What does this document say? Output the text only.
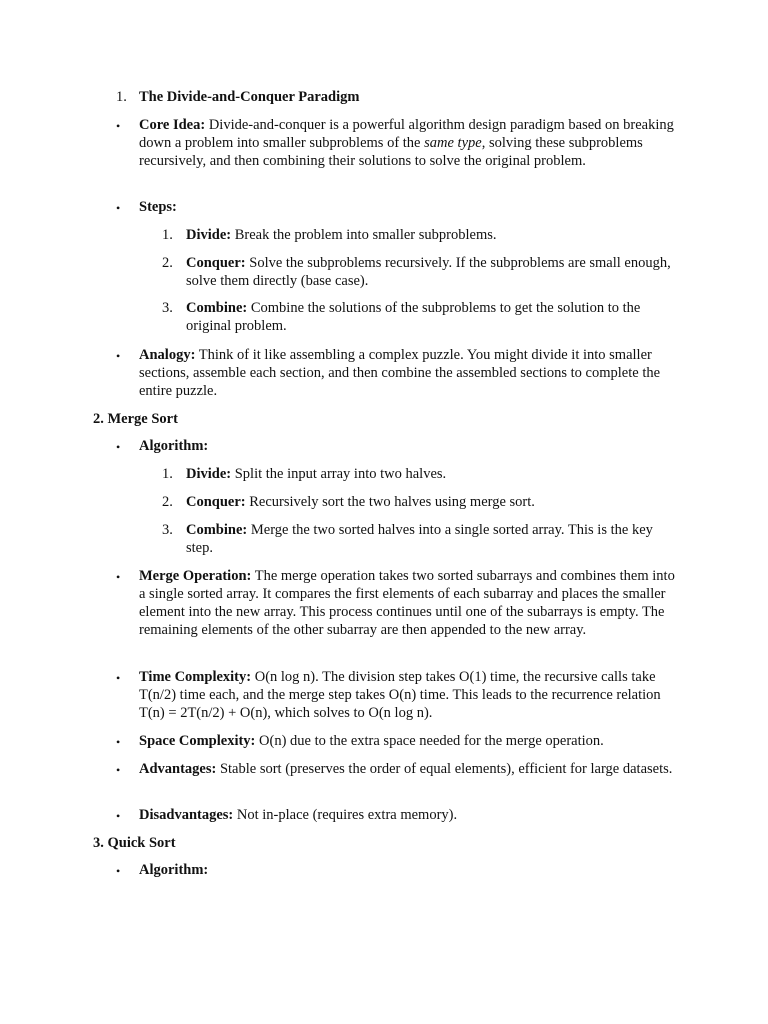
1. The Divide-and-Conquer Paradigm
•	Core Idea: Divide-and-conquer is a powerful algorithm design paradigm based on breaking down a problem into smaller subproblems of the same type, solving these subproblems recursively, and then combining their solutions to solve the original problem.

•	Steps:
1. Divide: Break the problem into smaller subproblems.

2. Conquer: Solve the subproblems recursively. If the subproblems are small enough, solve them directly (base case).

3. Combine: Combine the solutions of the subproblems to get the solution to the original problem.

•	Analogy: Think of it like assembling a complex puzzle. You might divide it into smaller sections, assemble each section, and then combine the assembled sections to complete the entire puzzle.

2. Merge Sort
•	Algorithm:
1. Divide: Split the input array into two halves.

2. Conquer: Recursively sort the two halves using merge sort.

3. Combine: Merge the two sorted halves into a single sorted array. This is the key step.

•	Merge Operation: The merge operation takes two sorted subarrays and combines them into a single sorted array. It compares the first elements of each subarray and places the smaller element into the new array. This process continues until one of the subarrays is empty. The remaining elements of the other subarray are then appended to the new array.

•	Time Complexity: O(n log n). The division step takes O(1) time, the recursive calls take T(n/2) time each, and the merge step takes O(n) time. This leads to the recurrence relation T(n) = 2T(n/2) + O(n), which solves to O(n log n).

•	Space Complexity: O(n) due to the extra space needed for the merge operation.

•	Advantages: Stable sort (preserves the order of equal elements), efficient for large datasets.

•	Disadvantages: Not in-place (requires extra memory).

3. Quick Sort
•	Algorithm:
